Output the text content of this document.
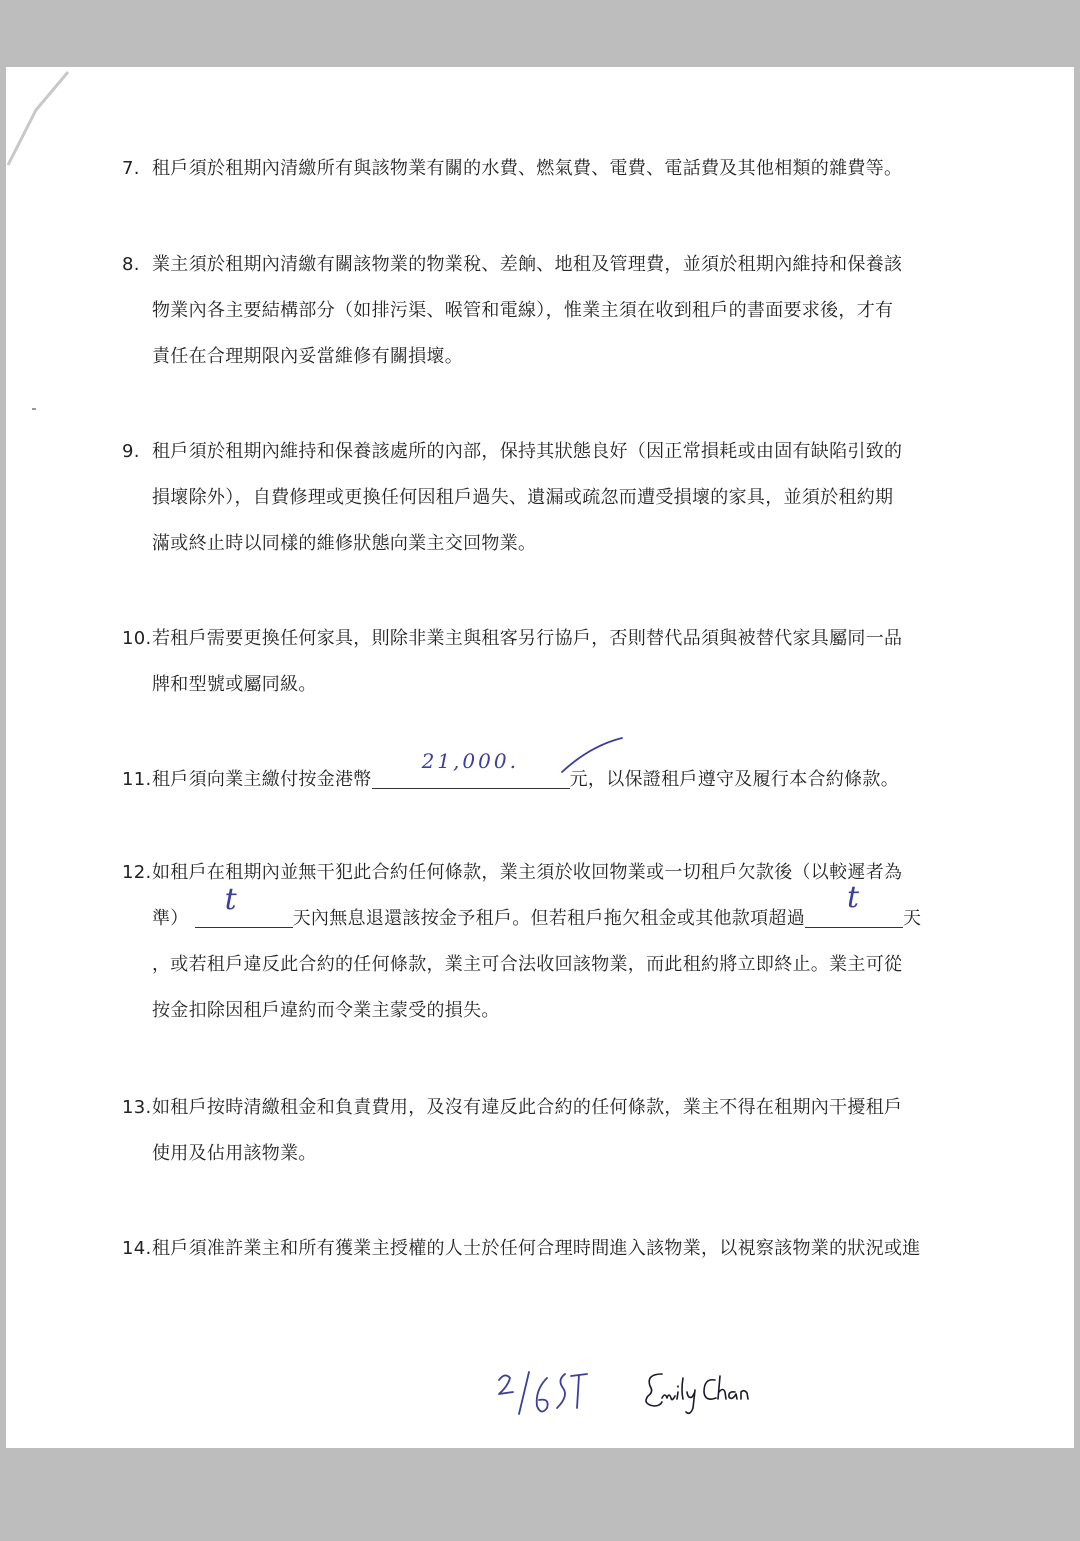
7. 租戶須於租期內清繳所有與該物業有關的水費、燃氣費、電費、電話費及其他相類的雜費等。
8. 業主須於租期內清繳有關該物業的物業稅、差餉、地租及管理費，並須於租期內維持和保養該
物業內各主要結構部分（如排污渠、喉管和電線），惟業主須在收到租戶的書面要求後，才有
責任在合理期限內妥當維修有關損壞。
9. 租戶須於租期內維持和保養該處所的內部，保持其狀態良好（因正常損耗或由固有缺陷引致的
損壞除外），自費修理或更換任何因租戶過失、遺漏或疏忽而遭受損壞的家具，並須於租約期
滿或終止時以同樣的維修狀態向業主交回物業。
10.若租戶需要更換任何家具，則除非業主與租客另行協戶，否則替代品須與被替代家具屬同一品
牌和型號或屬同級。
11.租戶須向業主繳付按金港幣
21,000.
元，以保證租戶遵守及履行本合約條款。
12.如租戶在租期內並無干犯此合約任何條款，業主須於收回物業或一切租戶欠款後（以較遲者為
準）
t
天內無息退還該按金予租戶。但若租戶拖欠租金或其他款項超過
t
天
，或若租戶違反此合約的任何條款，業主可合法收回該物業，而此租約將立即終止。業主可從
按金扣除因租戶違約而令業主蒙受的損失。
13.如租戶按時清繳租金和負責費用，及沒有違反此合約的任何條款，業主不得在租期內干擾租戶
使用及佔用該物業。
14.租戶須准許業主和所有獲業主授權的人士於任何合理時間進入該物業，以視察該物業的狀況或進
